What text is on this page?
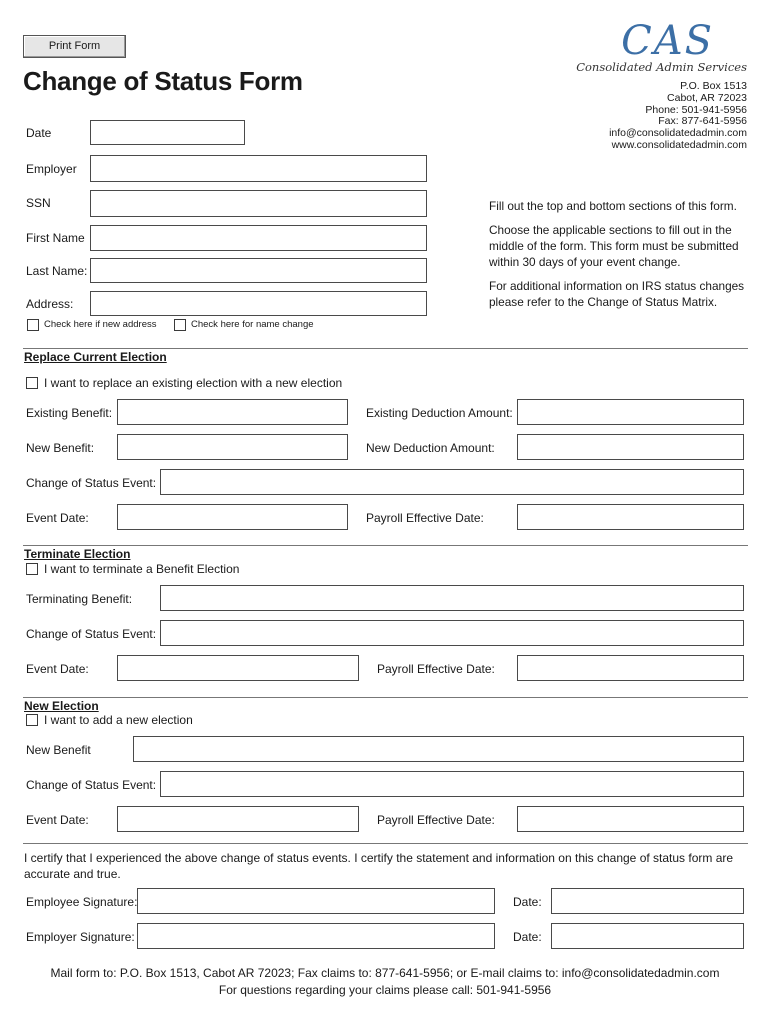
Print Form
Change of Status Form
CAS
Consolidated Admin Services
P.O. Box 1513
Cabot, AR 72023
Phone: 501-941-5956
Fax: 877-641-5956
info@consolidatedadmin.com
www.consolidatedadmin.com
Fill out the top and bottom sections of this form.
Choose the applicable sections to fill out in the middle of the form. This form must be submitted within 30 days of your event change.
For additional information on IRS status changes please refer to the Change of Status Matrix.
Date
Employer
SSN
First Name
Last Name:
Address:
Check here if new address	Check here for name change
Replace Current Election
I want to replace an existing election with a new election
Existing Benefit:	Existing Deduction Amount:
New Benefit:	New Deduction Amount:
Change of Status Event:
Event Date:	Payroll Effective Date:
Terminate Election
I want to terminate a Benefit Election
Terminating Benefit:
Change of Status Event:
Event Date:	Payroll Effective Date:
New Election
I want to add a new election
New Benefit
Change of Status Event:
Event Date:	Payroll Effective Date:
I certify that I experienced the above change of status events. I certify the statement and information on this change of status form are accurate and true.
Employee Signature:	Date:
Employer Signature:	Date:
Mail form to: P.O. Box 1513, Cabot AR 72023; Fax claims to: 877-641-5956; or E-mail claims to: info@consolidatedadmin.com
For questions regarding your claims please call: 501-941-5956
